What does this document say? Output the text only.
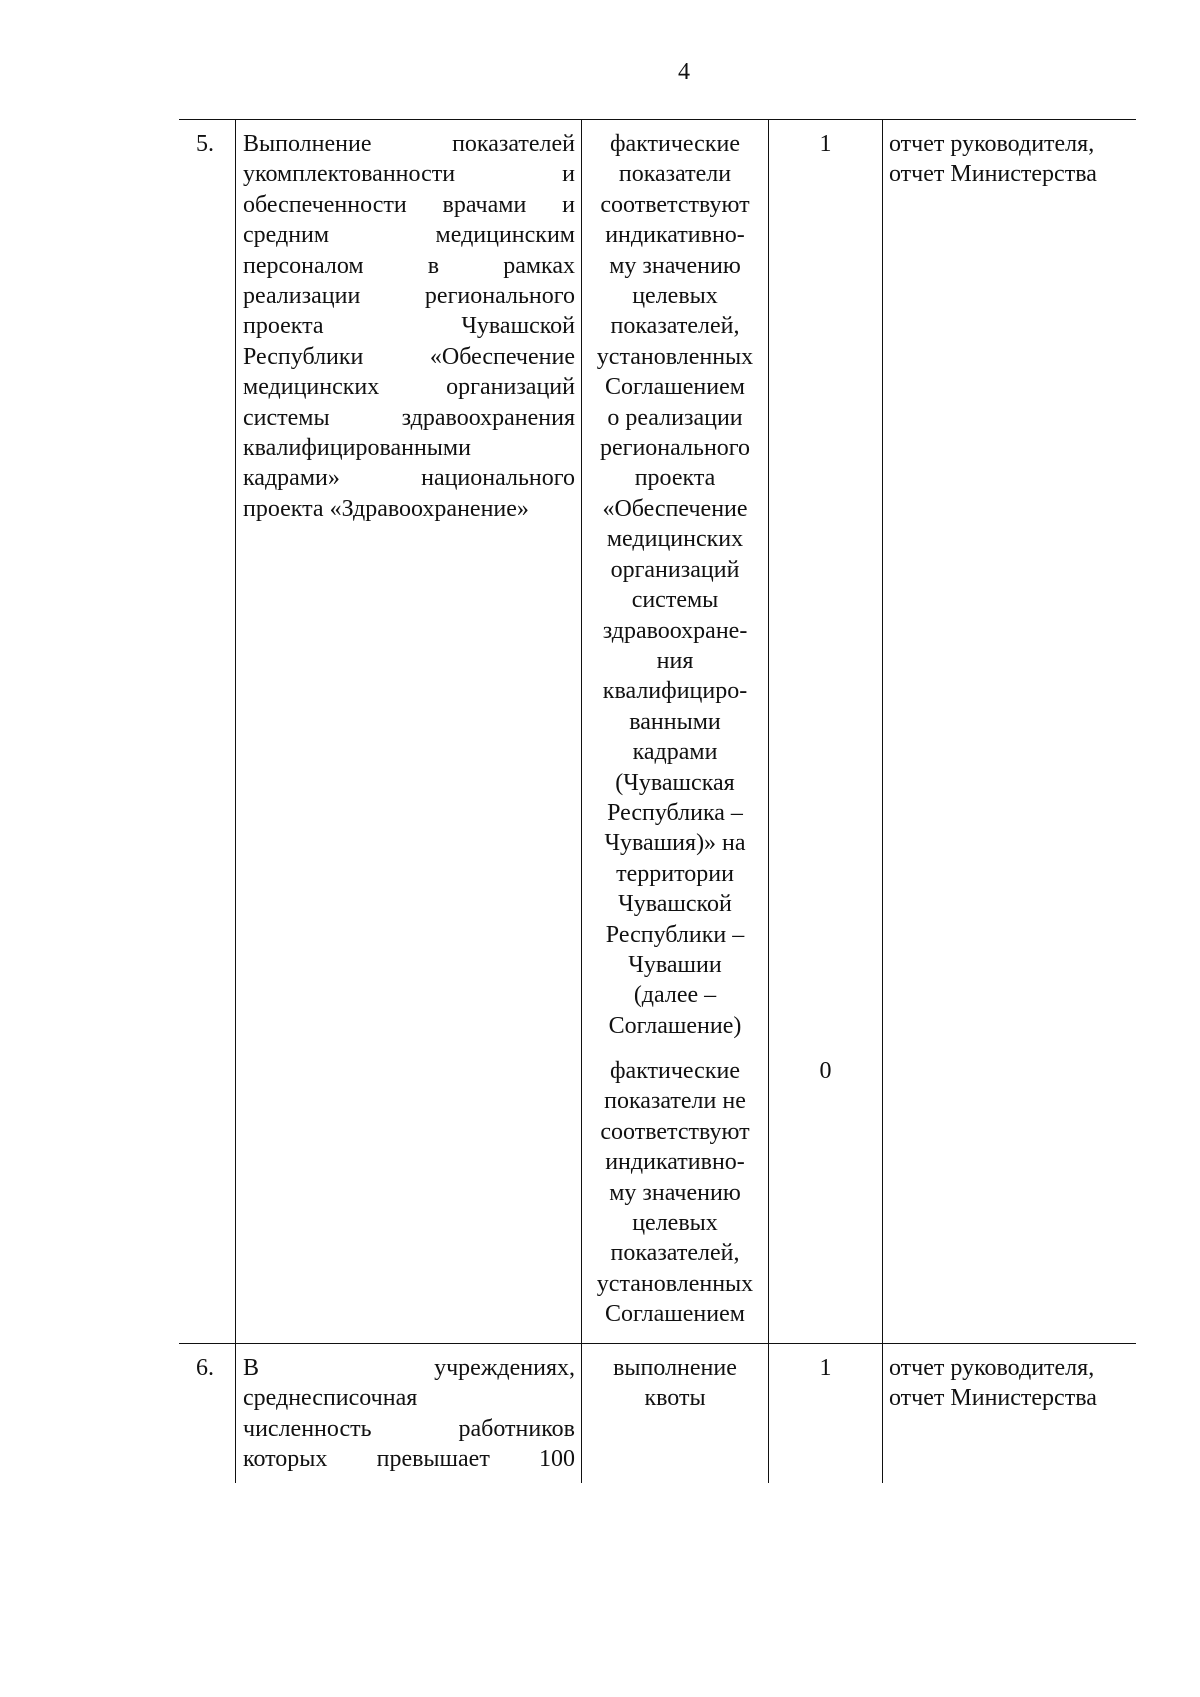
4
5. Выполнение показателей
укомплектованности и
обеспеченности врачами и
средним медицинским
персоналом в рамках
реализации регионального
проекта Чувашской
Республики «Обеспечение
медицинских организаций
системы здравоохранения
квалифицированными
кадрами» национального
проекта «Здравоохранение»
фактические
показатели
соответствуют
индикативно-
му значению
целевых
показателей,
установленных
Соглашением
о реализации
регионального
проекта
«Обеспечение
медицинских
организаций
системы
здравоохране-
ния
квалифициро-
ванными
кадрами
(Чувашская
Республика –
Чувашия)» на
территории
Чувашской
Республики –
Чувашии
(далее –
Соглашение)
1	отчет руководителя,
отчет Министерства
фактические
показатели не
соответствуют
индикативно-
му значению
целевых
показателей,
установленных
Соглашением
0
6. В учреждениях,
среднесписочная
численность работников
которых превышает 100
выполнение
квоты
1	отчет руководителя,
отчет Министерства
